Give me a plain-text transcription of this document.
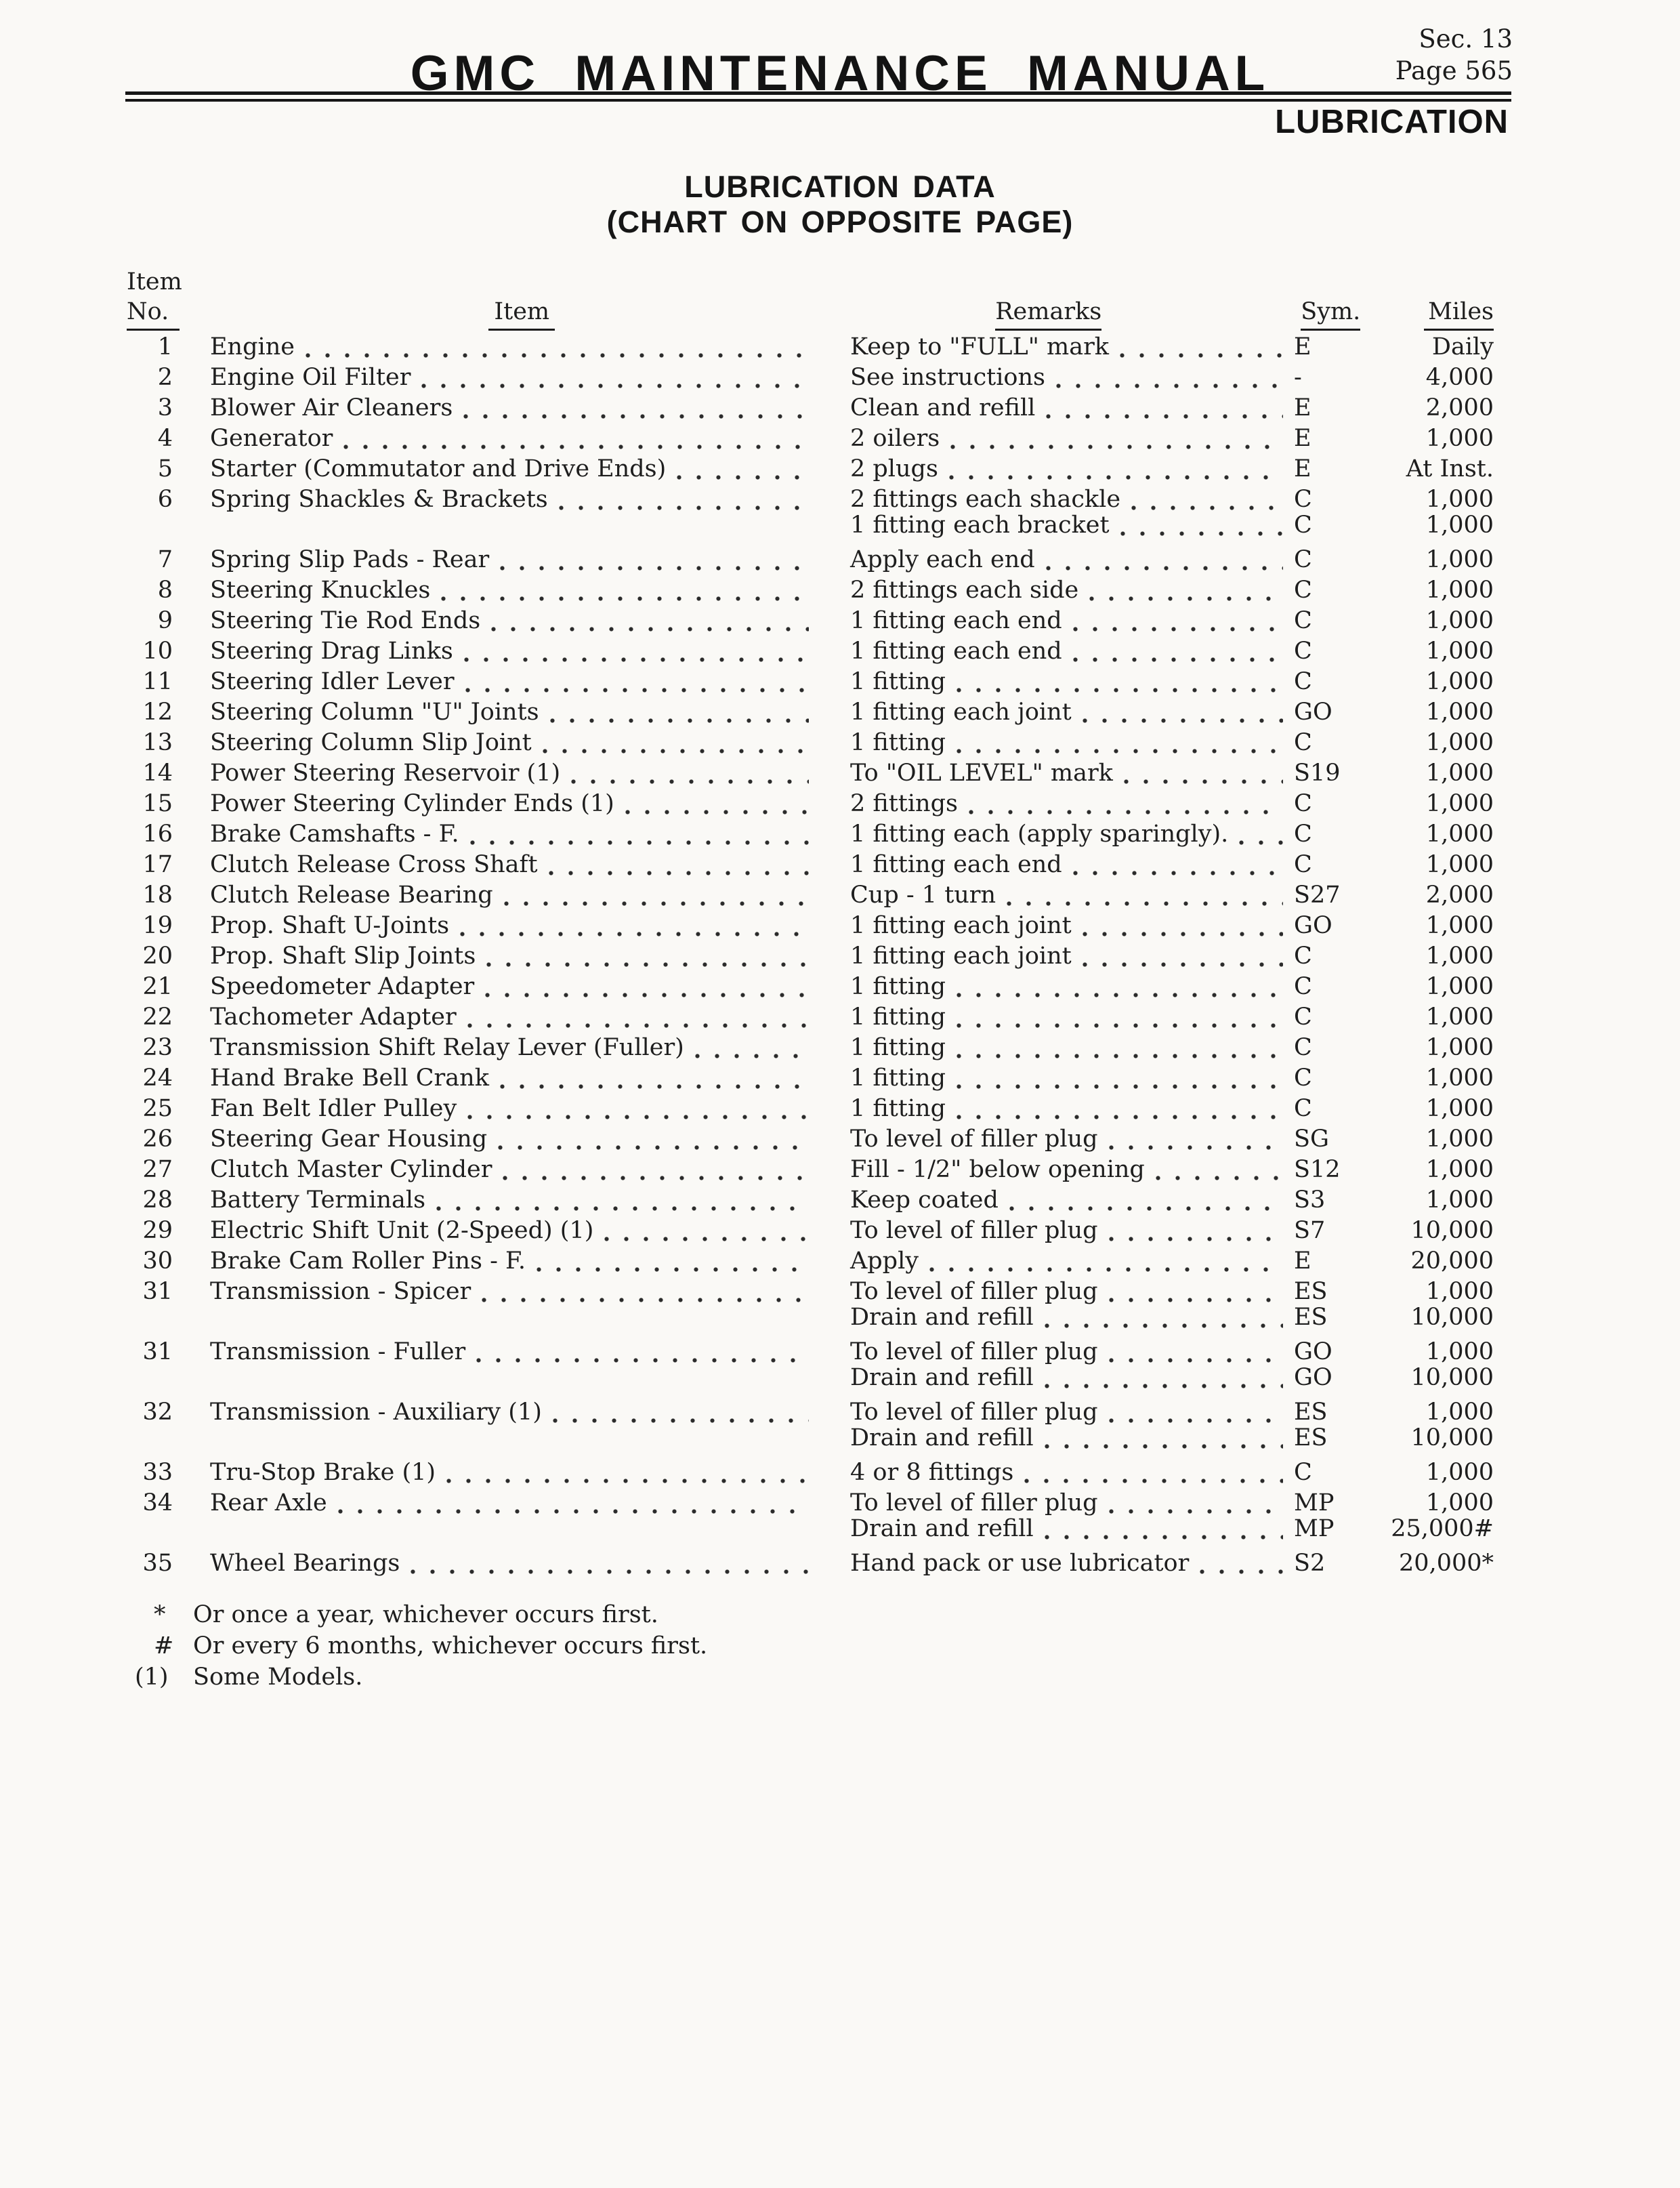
Sec. 13
Page 565
GMC MAINTENANCE MANUAL
LUBRICATION
LUBRICATION DATA
(CHART ON OPPOSITE PAGE)
Item
No.	Item	Remarks	Sym.	Miles
1 Engine	Keep to "FULL" mark	E	Daily
2 Engine Oil Filter	See instructions	-	4,000
3 Blower Air Cleaners	Clean and refill	E	2,000
4 Generator	2 oilers	E	1,000
5 Starter (Commutator and Drive Ends)	2 plugs	E	At Inst.
6 Spring Shackles & Brackets	2 fittings each shackle	C	1,000
1 fitting each bracket	C	1,000
7 Spring Slip Pads - Rear	Apply each end	C	1,000
8 Steering Knuckles	2 fittings each side	C	1,000
9 Steering Tie Rod Ends	1 fitting each end	C	1,000
10 Steering Drag Links	1 fitting each end	C	1,000
11 Steering Idler Lever	1 fitting	C	1,000
12 Steering Column "U" Joints	1 fitting each joint	GO	1,000
13 Steering Column Slip Joint	1 fitting	C	1,000
14 Power Steering Reservoir (1)	To "OIL LEVEL" mark	S19	1,000
15 Power Steering Cylinder Ends (1)	2 fittings	C	1,000
16 Brake Camshafts - F.	1 fitting each (apply sparingly).	C	1,000
17 Clutch Release Cross Shaft	1 fitting each end	C	1,000
18 Clutch Release Bearing	Cup - 1 turn	S27	2,000
19 Prop. Shaft U-Joints	1 fitting each joint	GO	1,000
20 Prop. Shaft Slip Joints	1 fitting each joint	C	1,000
21 Speedometer Adapter	1 fitting	C	1,000
22 Tachometer Adapter	1 fitting	C	1,000
23 Transmission Shift Relay Lever (Fuller)	1 fitting	C	1,000
24 Hand Brake Bell Crank	1 fitting	C	1,000
25 Fan Belt Idler Pulley	1 fitting	C	1,000
26 Steering Gear Housing	To level of filler plug	SG	1,000
27 Clutch Master Cylinder	Fill - 1/2" below opening	S12	1,000
28 Battery Terminals	Keep coated	S3	1,000
29 Electric Shift Unit (2-Speed) (1)	To level of filler plug	S7	10,000
30 Brake Cam Roller Pins - F.	Apply	E	20,000
31 Transmission - Spicer	To level of filler plug	ES	1,000
Drain and refill	ES	10,000
31 Transmission - Fuller	To level of filler plug	GO	1,000
Drain and refill	GO	10,000
32 Transmission - Auxiliary (1)	To level of filler plug	ES	1,000
Drain and refill	ES	10,000
33 Tru-Stop Brake (1)	4 or 8 fittings	C	1,000
34 Rear Axle	To level of filler plug	MP	1,000
Drain and refill	MP	25,000#
35 Wheel Bearings	Hand pack or use lubricator	S2	20,000*
*	Or once a year, whichever occurs first.
# Or every 6 months, whichever occurs first.
(1)	Some Models.
